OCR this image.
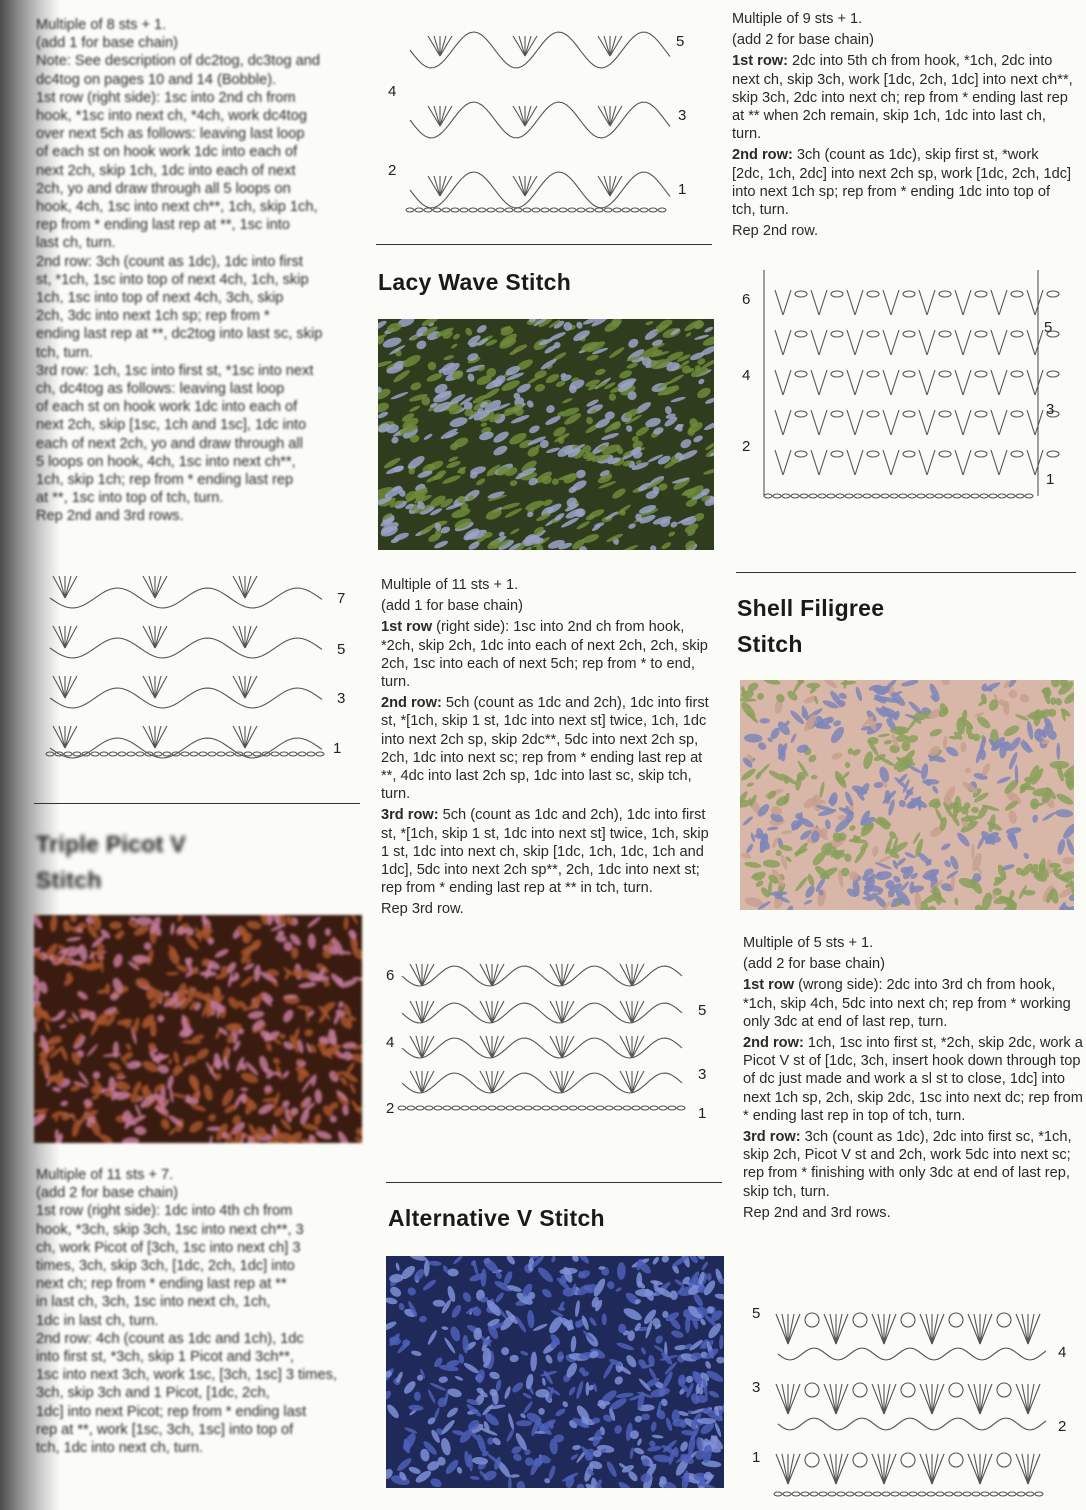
Multiple of 8 sts + 1.
(add 1 for base chain)
Note: See description of dc2tog, dc3tog and
dc4tog on pages 10 and 14 (Bobble).
1st row (right side): 1sc into 2nd ch from
hook, *1sc into next ch, *4ch, work dc4tog
over next 5ch as follows: leaving last loop
of each st on hook work 1dc into each of
next 2ch, skip 1ch, 1dc into each of next
2ch, yo and draw through all 5 loops on
hook, 4ch, 1sc into next ch**, 1ch, skip 1ch,
rep from * ending last rep at **, 1sc into
last ch, turn.
2nd row: 3ch (count as 1dc), 1dc into first
st, *1ch, 1sc into top of next 4ch, 1ch, skip
1ch, 1sc into top of next 4ch, 3ch, skip
2ch, 3dc into next 1ch sp; rep from *
ending last rep at **, dc2tog into last sc, skip
tch, turn.
3rd row: 1ch, 1sc into first st, *1sc into next
ch, dc4tog as follows: leaving last loop
of each st on hook work 1dc into each of
next 2ch, skip [1sc, 1ch and 1sc], 1dc into
each of next 2ch, yo and draw through all
5 loops on hook, 4ch, 1sc into next ch**,
1ch, skip 1ch; rep from * ending last rep
at **, 1sc into top of tch, turn.
Rep 2nd and 3rd rows.
7
5
3
1
Triple Picot V
Stitch
Multiple of 11 sts + 7.
(add 2 for base chain)
1st row (right side): 1dc into 4th ch from
hook, *3ch, skip 3ch, 1sc into next ch**, 3
ch, work Picot of [3ch, 1sc into next ch] 3
times, 3ch, skip 3ch, [1dc, 2ch, 1dc] into
next ch; rep from * ending last rep at **
in last ch, 3ch, 1sc into next ch, 1ch,
1dc in last ch, turn.
2nd row: 4ch (count as 1dc and 1ch), 1dc
into first st, *3ch, skip 1 Picot and 3ch**,
1sc into next 3ch, work 1sc, [3ch, 1sc] 3 times,
3ch, skip 3ch and 1 Picot, [1dc, 2ch,
1dc] into next Picot; rep from * ending last
rep at **, work [1sc, 3ch, 1sc] into top of
tch, 1dc into next ch, turn.
5
4
3
2
1
Lacy Wave Stitch

Multiple of 11 sts + 1.

(add 1 for base chain)

1st row (right side): 1sc into 2nd ch from hook, *2ch, skip 2ch, 1dc into each of next 2ch, 2ch, skip 2ch, 1sc into each of next 5ch; rep from * to end, turn.

2nd row: 5ch (count as 1dc and 2ch), 1dc into first st, *[1ch, skip 1 st, 1dc into next st] twice, 1ch, 1dc into next 2ch sp, skip 2dc**, 5dc into next 2ch sp, 2ch, 1dc into next sc; rep from * ending last rep at **, 4dc into last 2ch sp, 1dc into last sc, skip tch, turn.

3rd row: 5ch (count as 1dc and 2ch), 1dc into first st, *[1ch, skip 1 st, 1dc into next st] twice, 1ch, skip 1 st, 1dc into next ch, skip [1dc, 1ch, 1dc, 1ch and 1dc], 5dc into next 2ch sp**, 2ch, 1dc into next st; rep from * ending last rep at ** in tch, turn.

Rep 3rd row.

6
5
4
3
2	1
Alternative V Stitch

Multiple of 9 sts + 1.

(add 2 for base chain)

1st row: 2dc into 5th ch from hook, *1ch, 2dc into next ch, skip 3ch, work [1dc, 2ch, 1dc] into next ch**, skip 3ch, 2dc into next ch; rep from * ending last rep at ** when 2ch remain, skip 1ch, 1dc into last ch, turn.

2nd row: 3ch (count as 1dc), skip first st, *work [2dc, 1ch, 2dc] into next 2ch sp, work [1dc, 2ch, 1dc] into next 1ch sp; rep from * ending 1dc into top of tch, turn.

Rep 2nd row.

6
5
4
3
2
1
Shell Filigree
Stitch

Multiple of 5 sts + 1.

(add 2 for base chain)

1st row (wrong side): 2dc into 3rd ch from hook, *1ch, skip 4ch, 5dc into next ch; rep from * working only 3dc at end of last rep, turn.

2nd row: 1ch, 1sc into first st, *2ch, skip 2dc, work a Picot V st of [1dc, 3ch, insert hook down through top of dc just made and work a sl st to close, 1dc] into next 1ch sp, 2ch, skip 2dc, 1sc into next dc; rep from * ending last rep in top of tch, turn.

3rd row: 3ch (count as 1dc), 2dc into first sc, *1ch, skip 2ch, Picot V st and 2ch, work 5dc into next sc; rep from * finishing with only 3dc at end of last rep, skip tch, turn.

Rep 2nd and 3rd rows.

5
4
3
2
1
